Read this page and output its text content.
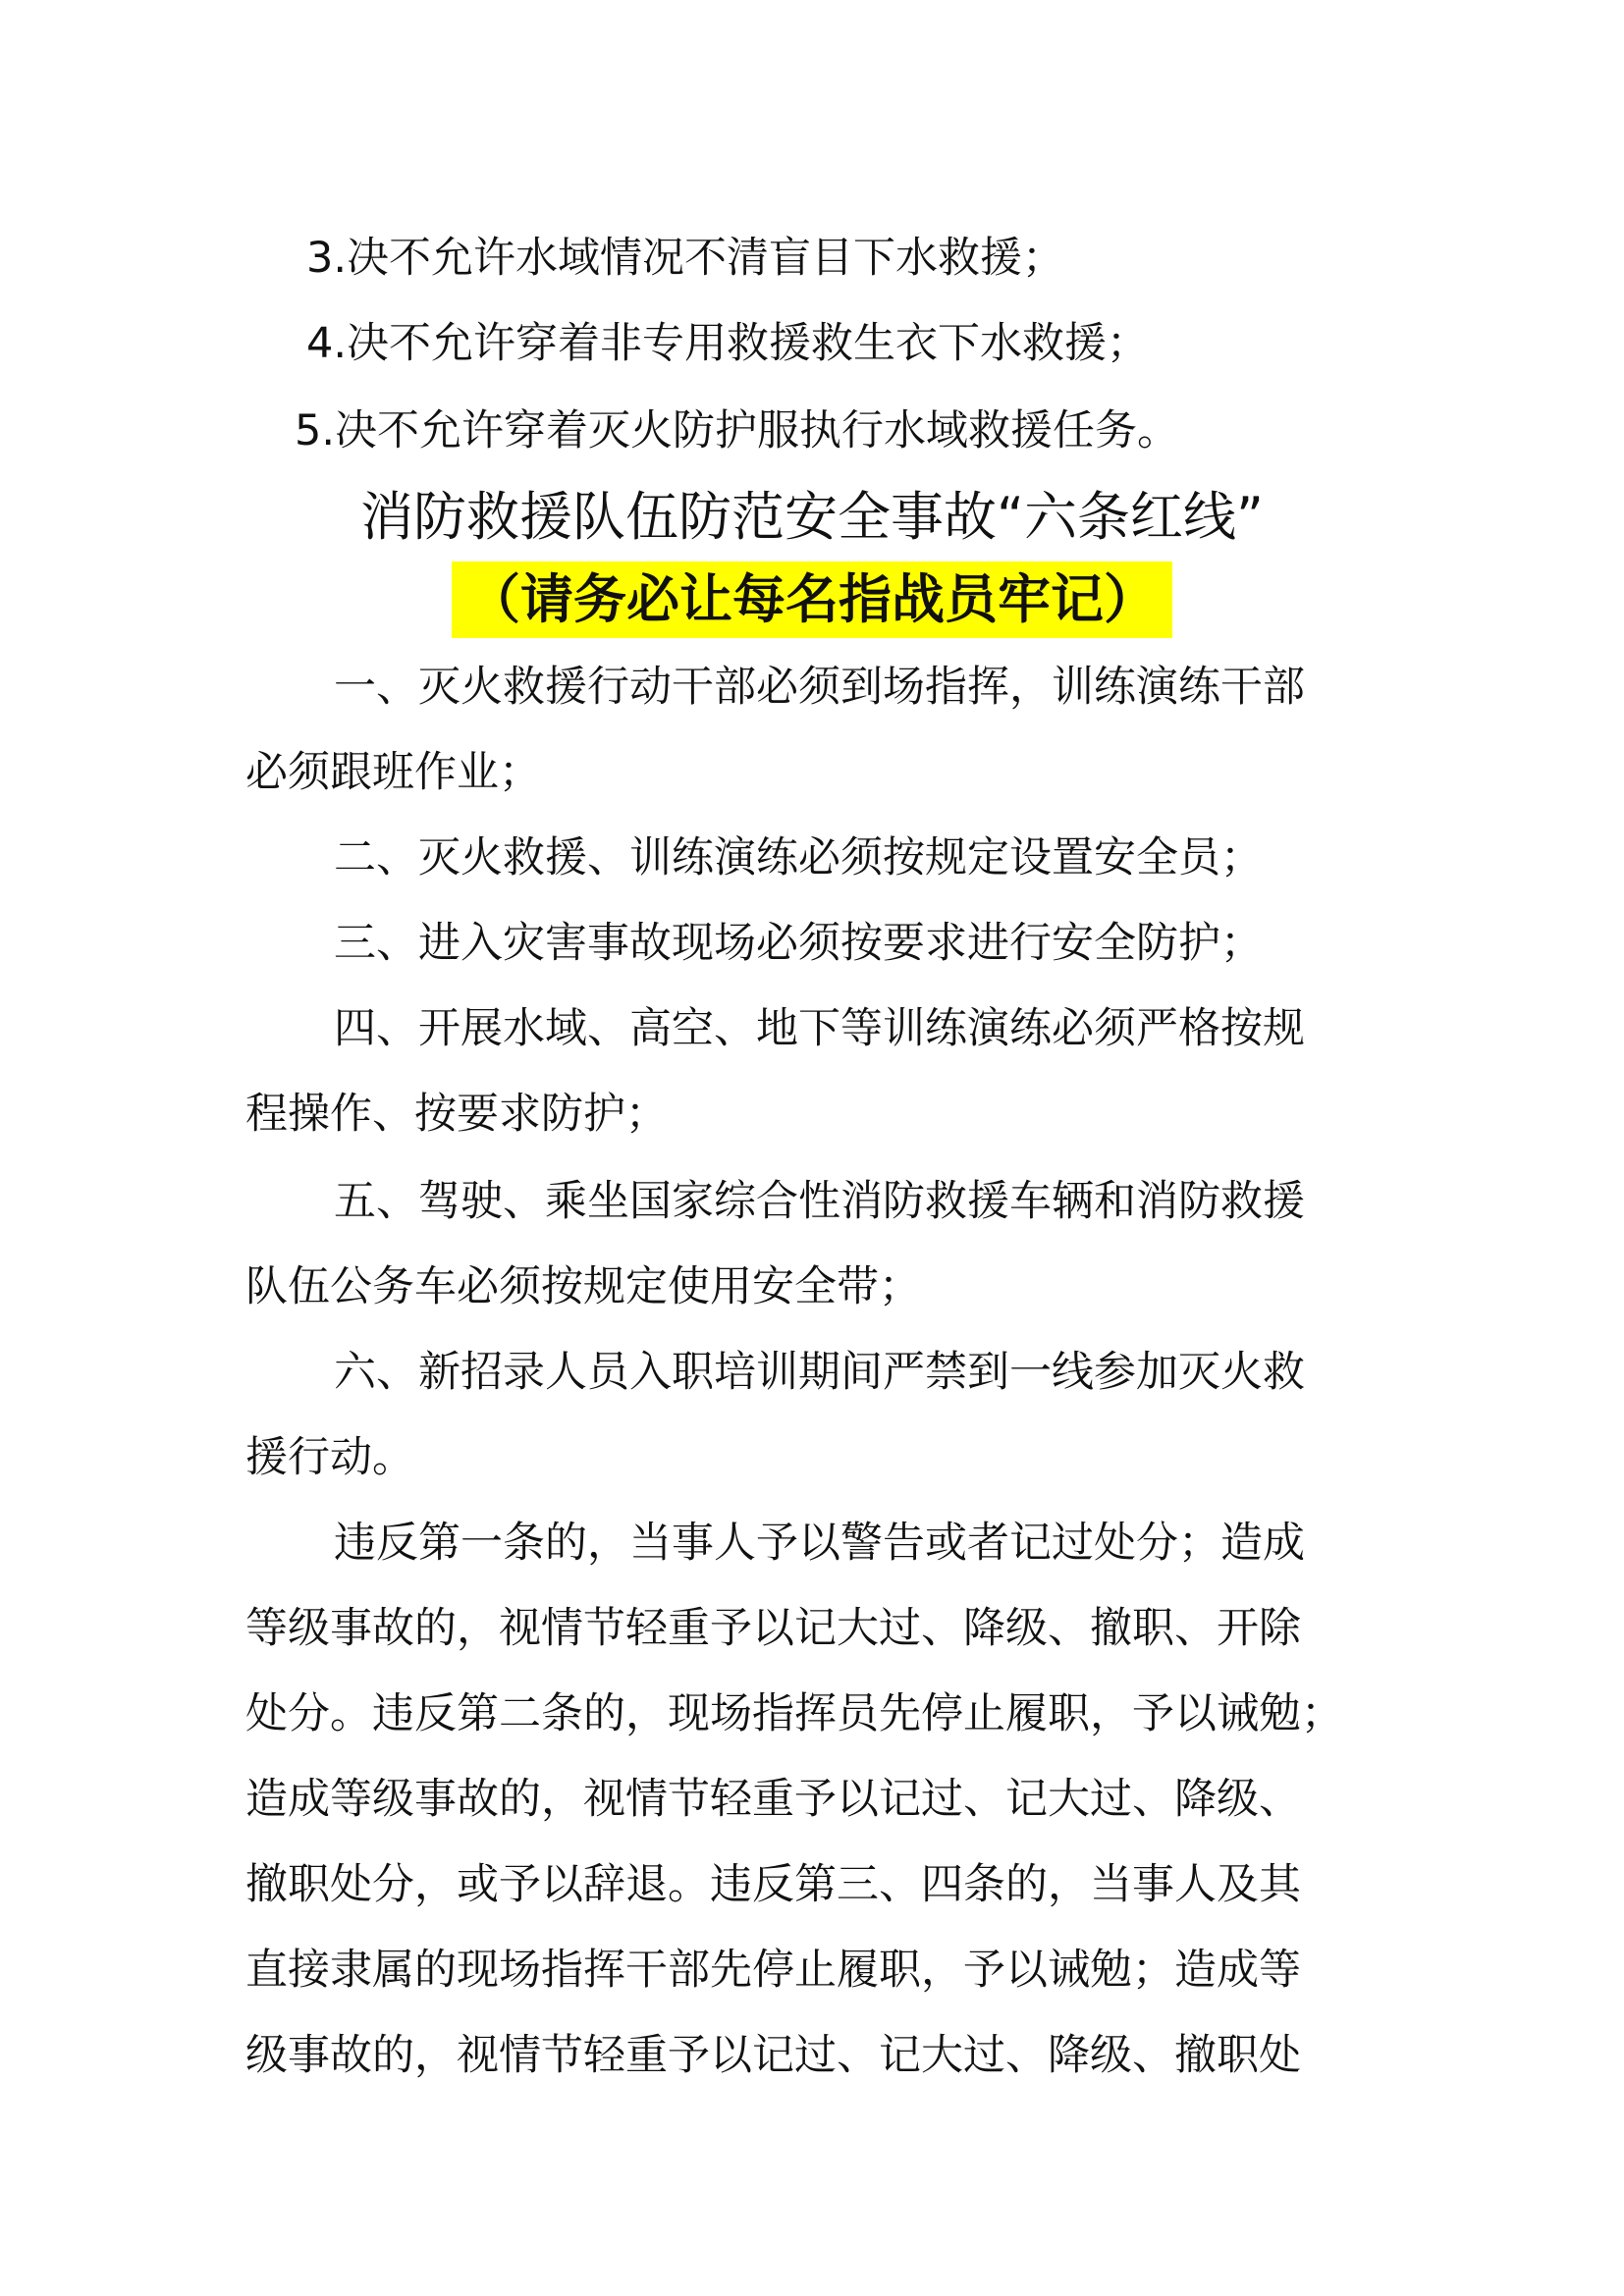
3.决不允许水域情况不清盲目下水救援；
4.决不允许穿着非专用救援救生衣下水救援；
5.决不允许穿着灭火防护服执行水域救援任务。
消防救援队伍防范安全事故“六条红线”
（请务必让每名指战员牢记）
一、灭火救援行动干部必须到场指挥，训练演练干部
必须跟班作业；
二、灭火救援、训练演练必须按规定设置安全员；
三、进入灾害事故现场必须按要求进行安全防护；
四、开展水域、高空、地下等训练演练必须严格按规
程操作、按要求防护；
五、驾驶、乘坐国家综合性消防救援车辆和消防救援
队伍公务车必须按规定使用安全带；
六、新招录人员入职培训期间严禁到一线参加灭火救
援行动。
违反第一条的，当事人予以警告或者记过处分；造成
等级事故的，视情节轻重予以记大过、降级、撤职、开除
处分。违反第二条的，现场指挥员先停止履职，予以诫勉；
造成等级事故的，视情节轻重予以记过、记大过、降级、
撤职处分，或予以辞退。违反第三、四条的，当事人及其
直接隶属的现场指挥干部先停止履职，予以诫勉；造成等
级事故的，视情节轻重予以记过、记大过、降级、撤职处
